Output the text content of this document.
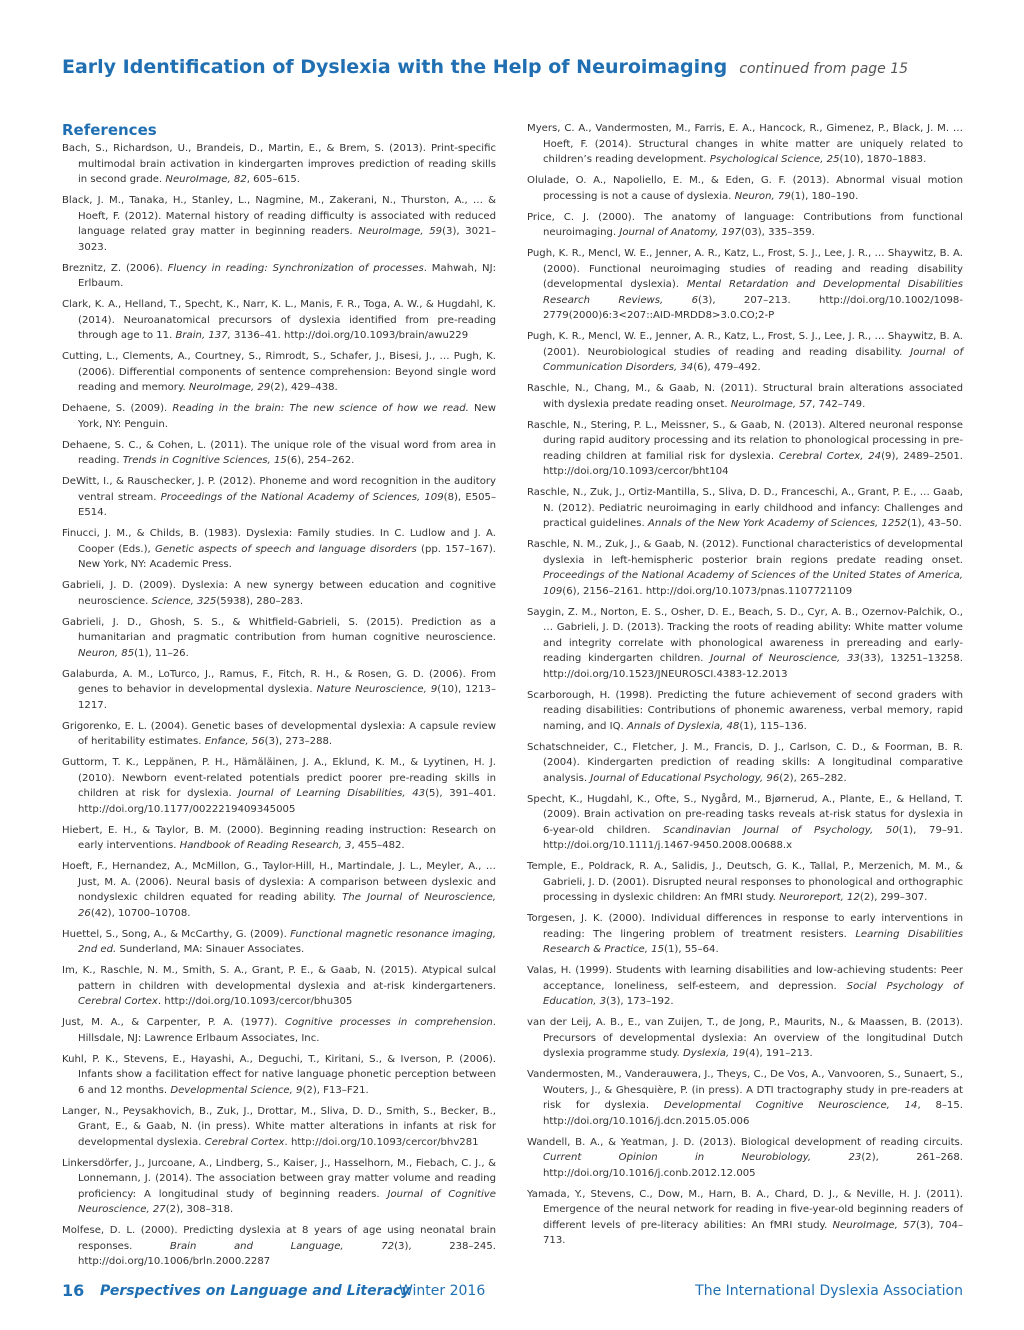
Early Identification of Dyslexia with the Help of Neuroimaging continued from page 15
References

Bach, S., Richardson, U., Brandeis, D., Martin, E., & Brem, S. (2013). Print-specific multimodal brain activation in kindergarten improves prediction of reading skills in second grade. NeuroImage, 82, 605–615.

Black, J. M., Tanaka, H., Stanley, L., Nagmine, M., Zakerani, N., Thurston, A., … & Hoeft, F. (2012). Maternal history of reading difficulty is associated with reduced language related gray matter in beginning readers. NeuroImage, 59(3), 3021–3023.

Breznitz, Z. (2006). Fluency in reading: Synchronization of processes. Mahwah, NJ: Erlbaum.

Clark, K. A., Helland, T., Specht, K., Narr, K. L., Manis, F. R., Toga, A. W., & Hugdahl, K. (2014). Neuroanatomical precursors of dyslexia identified from pre-reading through age to 11. Brain, 137, 3136–41. http://doi.org/10.1093/brain/awu229

Cutting, L., Clements, A., Courtney, S., Rimrodt, S., Schafer, J., Bisesi, J., … Pugh, K. (2006). Differential components of sentence comprehension: Beyond single word reading and memory. NeuroImage, 29(2), 429–438.

Dehaene, S. (2009). Reading in the brain: The new science of how we read. New York, NY: Penguin.

Dehaene, S. C., & Cohen, L. (2011). The unique role of the visual word from area in reading. Trends in Cognitive Sciences, 15(6), 254–262.

DeWitt, I., & Rauschecker, J. P. (2012). Phoneme and word recognition in the auditory ventral stream. Proceedings of the National Academy of Sciences, 109(8), E505–E514.

Finucci, J. M., & Childs, B. (1983). Dyslexia: Family studies. In C. Ludlow and J. A. Cooper (Eds.), Genetic aspects of speech and language disorders (pp. 157–167). New York, NY: Academic Press.

Gabrieli, J. D. (2009). Dyslexia: A new synergy between education and cognitive neuroscience. Science, 325(5938), 280–283.

Gabrieli, J. D., Ghosh, S. S., & Whitfield-Gabrieli, S. (2015). Prediction as a humanitarian and pragmatic contribution from human cognitive neuroscience. Neuron, 85(1), 11–26.

Galaburda, A. M., LoTurco, J., Ramus, F., Fitch, R. H., & Rosen, G. D. (2006). From genes to behavior in developmental dyslexia. Nature Neuroscience, 9(10), 1213–1217.

Grigorenko, E. L. (2004). Genetic bases of developmental dyslexia: A capsule review of heritability estimates. Enfance, 56(3), 273–288.

Guttorm, T. K., Leppänen, P. H., Hämäläinen, J. A., Eklund, K. M., & Lyytinen, H. J. (2010). Newborn event-related potentials predict poorer pre-reading skills in children at risk for dyslexia. Journal of Learning Disabilities, 43(5), 391–401. http://doi.org/10.1177/0022219409345005

Hiebert, E. H., & Taylor, B. M. (2000). Beginning reading instruction: Research on early interventions. Handbook of Reading Research, 3, 455–482.

Hoeft, F., Hernandez, A., McMillon, G., Taylor-Hill, H., Martindale, J. L., Meyler, A., … Just, M. A. (2006). Neural basis of dyslexia: A comparison between dyslexic and nondyslexic children equated for reading ability. The Journal of Neuroscience, 26(42), 10700–10708.

Huettel, S., Song, A., & McCarthy, G. (2009). Functional magnetic resonance imaging, 2nd ed. Sunderland, MA: Sinauer Associates.

Im, K., Raschle, N. M., Smith, S. A., Grant, P. E., & Gaab, N. (2015). Atypical sulcal pattern in children with developmental dyslexia and at-risk kindergarteners. Cerebral Cortex. http://doi.org/10.1093/cercor/bhu305

Just, M. A., & Carpenter, P. A. (1977). Cognitive processes in comprehension. Hillsdale, NJ: Lawrence Erlbaum Associates, Inc.

Kuhl, P. K., Stevens, E., Hayashi, A., Deguchi, T., Kiritani, S., & Iverson, P. (2006). Infants show a facilitation effect for native language phonetic perception between 6 and 12 months. Developmental Science, 9(2), F13–F21.

Langer, N., Peysakhovich, B., Zuk, J., Drottar, M., Sliva, D. D., Smith, S., Becker, B., Grant, E., & Gaab, N. (in press). White matter alterations in infants at risk for developmental dyslexia. Cerebral Cortex. http://doi.org/10.1093/cercor/bhv281

Linkersdörfer, J., Jurcoane, A., Lindberg, S., Kaiser, J., Hasselhorn, M., Fiebach, C. J., & Lonnemann, J. (2014). The association between gray matter volume and reading proficiency: A longitudinal study of beginning readers. Journal of Cognitive Neuroscience, 27(2), 308–318.

Molfese, D. L. (2000). Predicting dyslexia at 8 years of age using neonatal brain responses. Brain and Language, 72(3), 238–245. http://doi.org/10.1006/brln.2000.2287

Myers, C. A., Vandermosten, M., Farris, E. A., Hancock, R., Gimenez, P., Black, J. M. … Hoeft, F. (2014). Structural changes in white matter are uniquely related to children’s reading development. Psychological Science, 25(10), 1870–1883.

Olulade, O. A., Napoliello, E. M., & Eden, G. F. (2013). Abnormal visual motion processing is not a cause of dyslexia. Neuron, 79(1), 180–190.

Price, C. J. (2000). The anatomy of language: Contributions from functional neuroimaging. Journal of Anatomy, 197(03), 335–359.

Pugh, K. R., Mencl, W. E., Jenner, A. R., Katz, L., Frost, S. J., Lee, J. R., … Shaywitz, B. A. (2000). Functional neuroimaging studies of reading and reading disability (developmental dyslexia). Mental Retardation and Developmental Disabilities Research Reviews, 6(3), 207–213. http://doi.org/10.1002/1098-2779(2000)6:3<207::AID-MRDD8>3.0.CO;2-P

Pugh, K. R., Mencl, W. E., Jenner, A. R., Katz, L., Frost, S. J., Lee, J. R., … Shaywitz, B. A. (2001). Neurobiological studies of reading and reading disability. Journal of Communication Disorders, 34(6), 479–492.

Raschle, N., Chang, M., & Gaab, N. (2011). Structural brain alterations associated with dyslexia predate reading onset. NeuroImage, 57, 742–749.

Raschle, N., Stering, P. L., Meissner, S., & Gaab, N. (2013). Altered neuronal response during rapid auditory processing and its relation to phonological processing in pre-reading children at familial risk for dyslexia. Cerebral Cortex, 24(9), 2489–2501. http://doi.org/10.1093/cercor/bht104

Raschle, N., Zuk, J., Ortiz-Mantilla, S., Sliva, D. D., Franceschi, A., Grant, P. E., … Gaab, N. (2012). Pediatric neuroimaging in early childhood and infancy: Challenges and practical guidelines. Annals of the New York Academy of Sciences, 1252(1), 43–50.

Raschle, N. M., Zuk, J., & Gaab, N. (2012). Functional characteristics of developmental dyslexia in left-hemispheric posterior brain regions predate reading onset. Proceedings of the National Academy of Sciences of the United States of America, 109(6), 2156–2161. http://doi.org/10.1073/pnas.1107721109

Saygin, Z. M., Norton, E. S., Osher, D. E., Beach, S. D., Cyr, A. B., Ozernov-Palchik, O., … Gabrieli, J. D. (2013). Tracking the roots of reading ability: White matter volume and integrity correlate with phonological awareness in prereading and early-reading kindergarten children. Journal of Neuroscience, 33(33), 13251–13258. http://doi.org/10.1523/JNEUROSCI.4383-12.2013

Scarborough, H. (1998). Predicting the future achievement of second graders with reading disabilities: Contributions of phonemic awareness, verbal memory, rapid naming, and IQ. Annals of Dyslexia, 48(1), 115–136.

Schatschneider, C., Fletcher, J. M., Francis, D. J., Carlson, C. D., & Foorman, B. R. (2004). Kindergarten prediction of reading skills: A longitudinal comparative analysis. Journal of Educational Psychology, 96(2), 265–282.

Specht, K., Hugdahl, K., Ofte, S., Nygård, M., Bjørnerud, A., Plante, E., & Helland, T. (2009). Brain activation on pre-reading tasks reveals at-risk status for dyslexia in 6-year-old children. Scandinavian Journal of Psychology, 50(1), 79–91. http://doi.org/10.1111/j.1467-9450.2008.00688.x

Temple, E., Poldrack, R. A., Salidis, J., Deutsch, G. K., Tallal, P., Merzenich, M. M., & Gabrieli, J. D. (2001). Disrupted neural responses to phonological and orthographic processing in dyslexic children: An fMRI study. Neuroreport, 12(2), 299–307.

Torgesen, J. K. (2000). Individual differences in response to early interventions in reading: The lingering problem of treatment resisters. Learning Disabilities Research & Practice, 15(1), 55–64.

Valas, H. (1999). Students with learning disabilities and low-achieving students: Peer acceptance, loneliness, self-esteem, and depression. Social Psychology of Education, 3(3), 173–192.

van der Leij, A. B., E., van Zuijen, T., de Jong, P., Maurits, N., & Maassen, B. (2013). Precursors of developmental dyslexia: An overview of the longitudinal Dutch dyslexia programme study. Dyslexia, 19(4), 191–213.

Vandermosten, M., Vanderauwera, J., Theys, C., De Vos, A., Vanvooren, S., Sunaert, S., Wouters, J., & Ghesquière, P. (in press). A DTI tractography study in pre-readers at risk for dyslexia. Developmental Cognitive Neuroscience, 14, 8–15. http://doi.org/10.1016/j.dcn.2015.05.006

Wandell, B. A., & Yeatman, J. D. (2013). Biological development of reading circuits. Current Opinion in Neurobiology, 23(2), 261–268. http://doi.org/10.1016/j.conb.2012.12.005

Yamada, Y., Stevens, C., Dow, M., Harn, B. A., Chard, D. J., & Neville, H. J. (2011). Emergence of the neural network for reading in five-year-old beginning readers of different levels of pre-literacy abilities: An fMRI study. NeuroImage, 57(3), 704–713.

16 Perspectives on Language and Literacy
Winter 2016	The International Dyslexia Association
